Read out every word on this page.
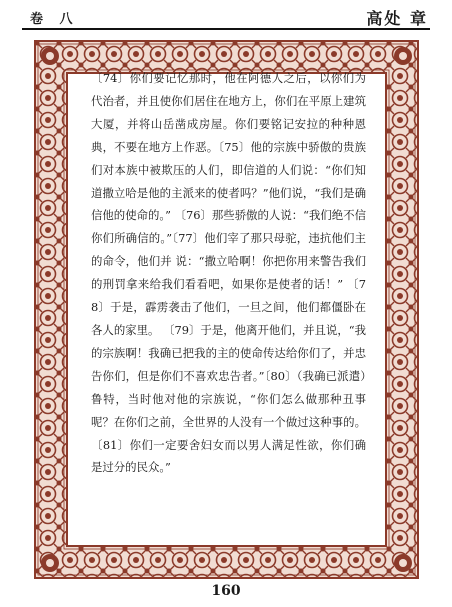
卷 八	高处 章

〔74〕你们要记忆那时，他在阿德人之后，以你们为代治者，并且使你们居住在地方上，你们在平原上建筑大厦，并将山岳凿成房屋。你们要铭记安拉的种种恩典，不要在地方上作恶。〔75〕他的宗族中骄傲的贵族们对本族中被欺压的人们，即信道的人们说：“你们知道撒立哈是他的主派来的使者吗？”他们说，“我们是确信他的使命的。” 〔76〕那些骄傲的人说：“我们绝不信你们所确信的。”〔77〕他们宰了那只母驼，违抗他们主的命令，他们并 说：“撒立哈啊！你把你用来警告我们的刑罚拿来给我们看看吧，如果你是使者的话！” 〔78〕于是，霹雳袭击了他们，一旦之间，他们都僵卧在各人的家里。 〔79〕于是，他离开他们，并且说，“我的宗族啊！我确已把我的主的使命传达给你们了，并忠告你们，但是你们不喜欢忠告者。”〔80〕（我确已派遣）鲁特，当时他对他的宗族说，“你们怎么做那种丑事呢？在你们之前，全世界的人没有一个做过这种事的。〔81〕你们一定要舍妇女而以男人满足性欲，你们确是过分的民众。”

160
